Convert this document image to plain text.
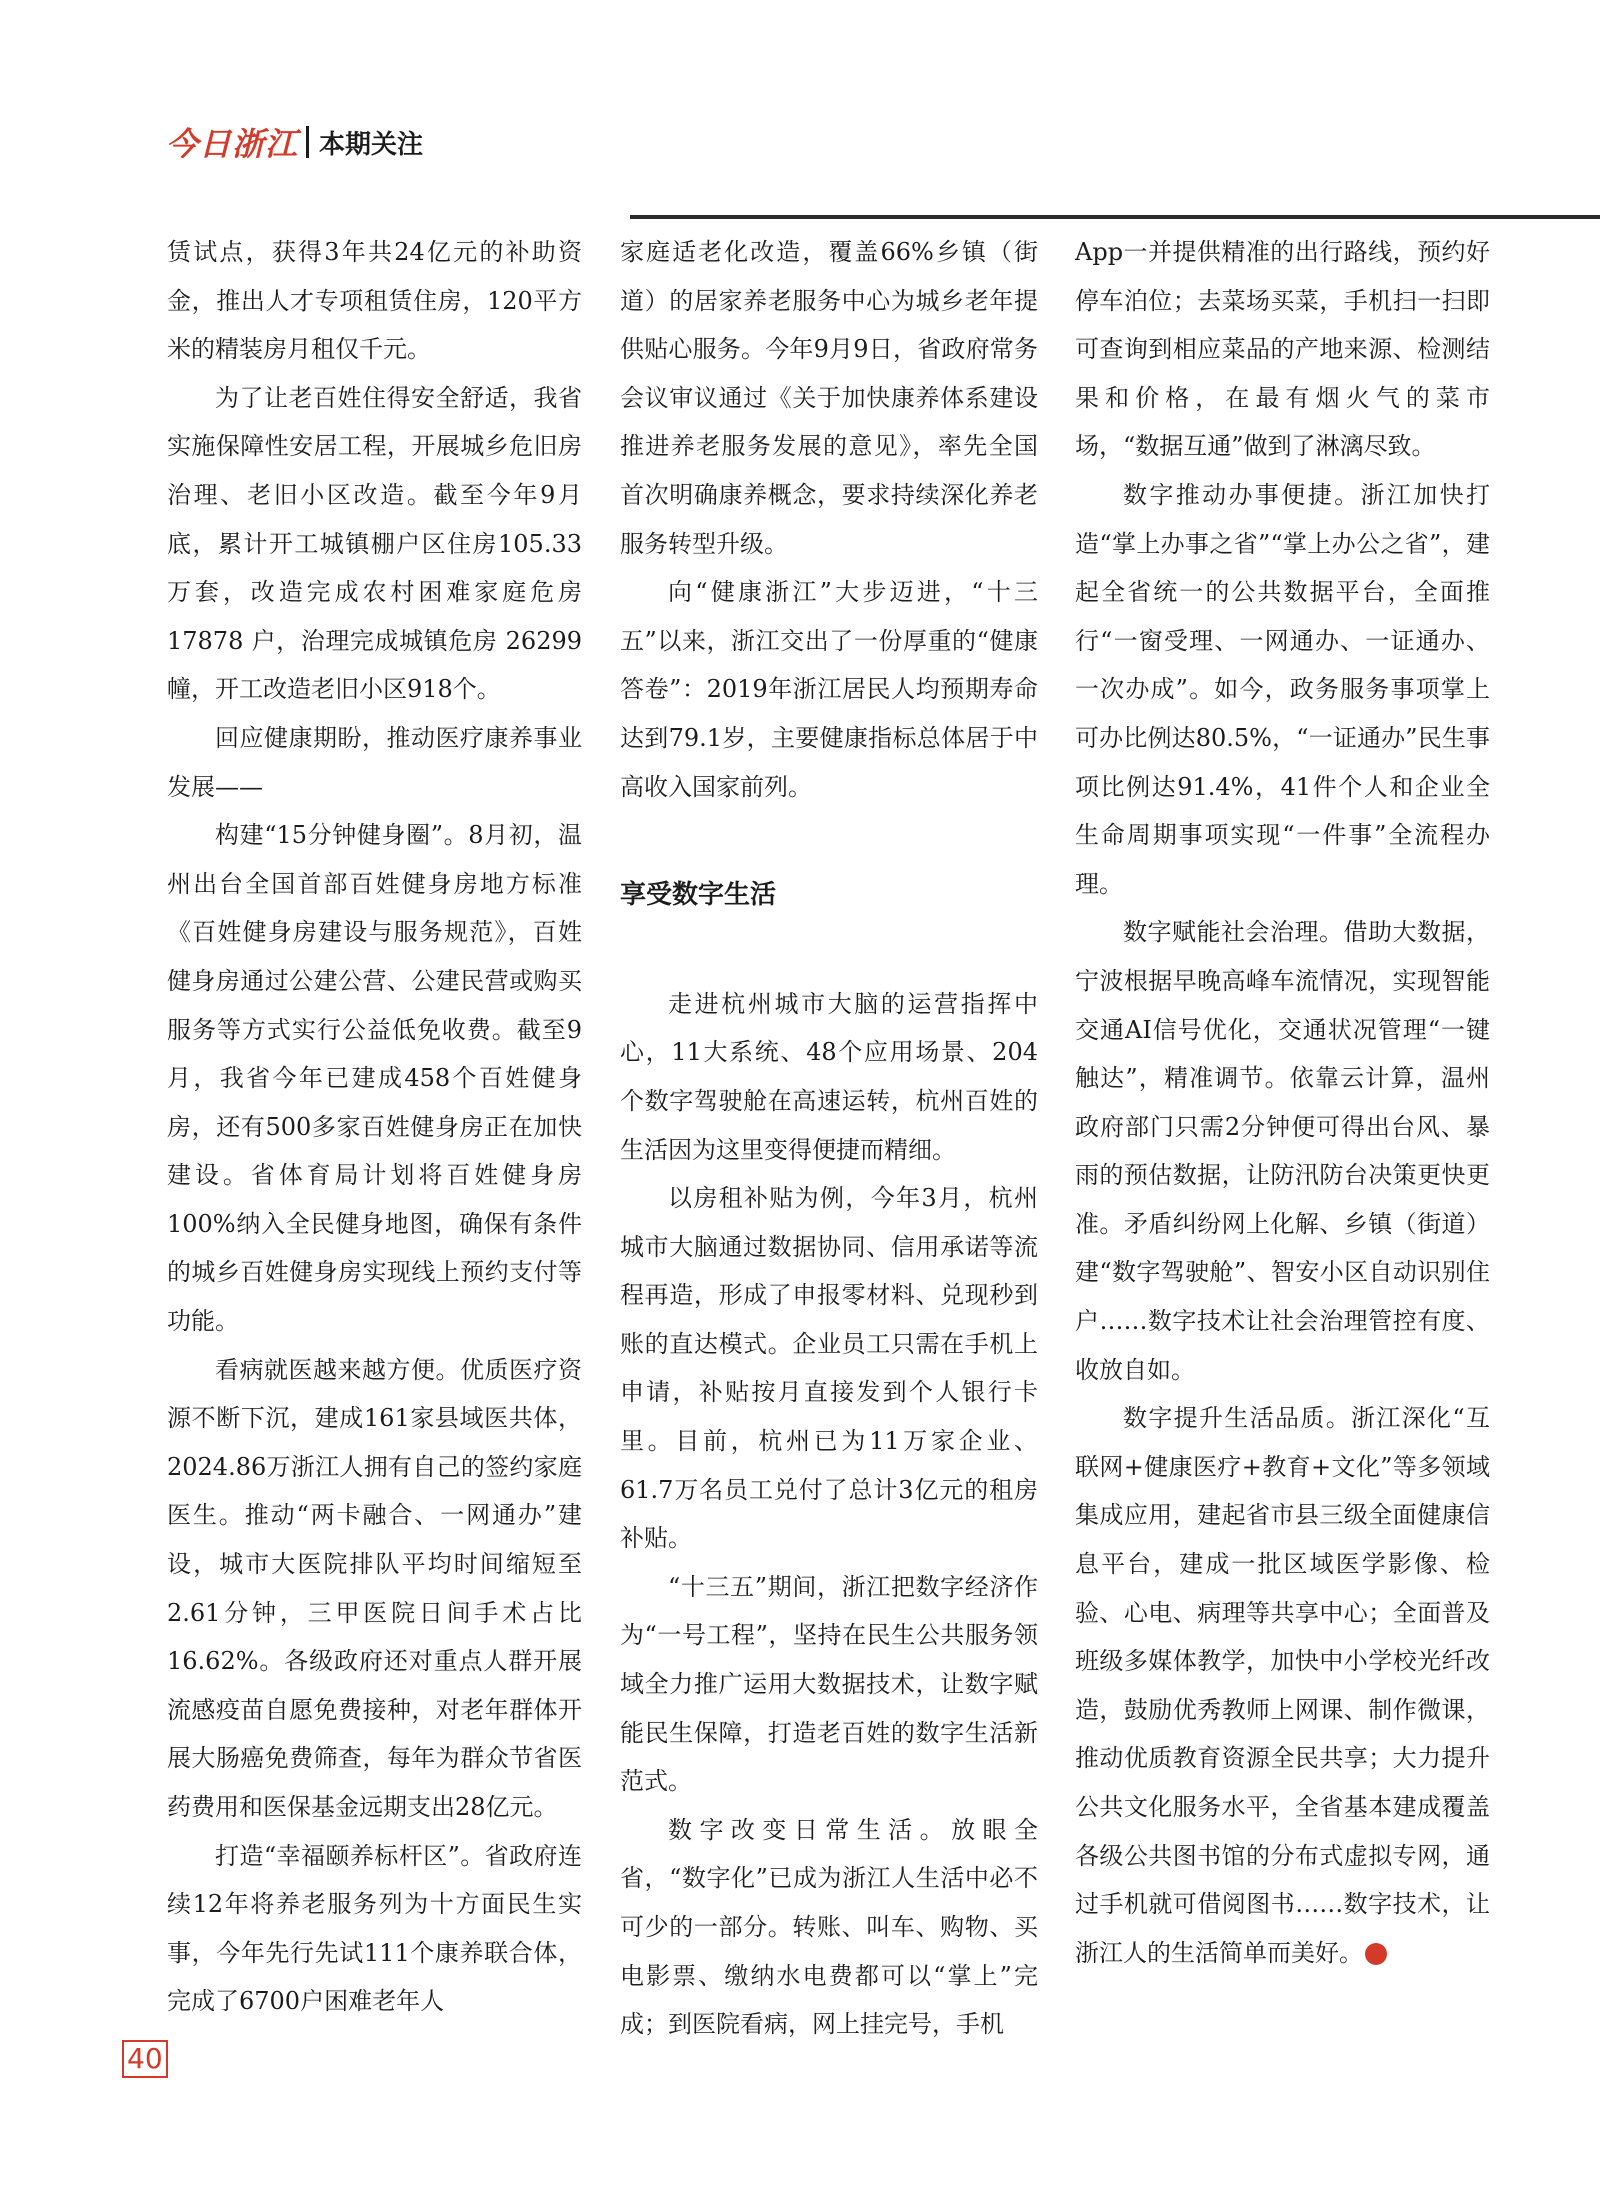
今日浙江 本期关注

赁试点，获得3年共24亿元的补助资金，推出人才专项租赁住房，120平方米的精装房月租仅千元。

为了让老百姓住得安全舒适，我省实施保障性安居工程，开展城乡危旧房治理、老旧小区改造。截至今年9月底，累计开工城镇棚户区住房105.33万套，改造完成农村困难家庭危房 17878 户，治理完成城镇危房 26299幢，开工改造老旧小区918个。

回应健康期盼，推动医疗康养事业发展——

构建“15分钟健身圈”。8月初，温州出台全国首部百姓健身房地方标准《百姓健身房建设与服务规范》，百姓健身房通过公建公营、公建民营或购买服务等方式实行公益低免收费。截至9月，我省今年已建成458个百姓健身房，还有500多家百姓健身房正在加快建设。省体育局计划将百姓健身房100%纳入全民健身地图，确保有条件的城乡百姓健身房实现线上预约支付等功能。

看病就医越来越方便。优质医疗资源不断下沉，建成161家县域医共体，2024.86万浙江人拥有自己的签约家庭医生。推动“两卡融合、一网通办”建设，城市大医院排队平均时间缩短至2.61分钟，三甲医院日间手术占比16.62%。各级政府还对重点人群开展流感疫苗自愿免费接种，对老年群体开展大肠癌免费筛查，每年为群众节省医药费用和医保基金远期支出28亿元。

打造“幸福颐养标杆区”。省政府连续12年将养老服务列为十方面民生实事，今年先行先试111个康养联合体，完成了6700户困难老年人

家庭适老化改造，覆盖66%乡镇（街道）的居家养老服务中心为城乡老年提供贴心服务。今年9月9日，省政府常务会议审议通过《关于加快康养体系建设推进养老服务发展的意见》，率先全国首次明确康养概念，要求持续深化养老服务转型升级。

向“健康浙江”大步迈进，“十三五”以来，浙江交出了一份厚重的“健康答卷”：2019年浙江居民人均预期寿命达到79.1岁，主要健康指标总体居于中高收入国家前列。

享受数字生活

走进杭州城市大脑的运营指挥中心，11大系统、48个应用场景、204个数字驾驶舱在高速运转，杭州百姓的生活因为这里变得便捷而精细。

以房租补贴为例，今年3月，杭州城市大脑通过数据协同、信用承诺等流程再造，形成了申报零材料、兑现秒到账的直达模式。企业员工只需在手机上申请，补贴按月直接发到个人银行卡里。目前，杭州已为11万家企业、61.7万名员工兑付了总计3亿元的租房补贴。

“十三五”期间，浙江把数字经济作为“一号工程”，坚持在民生公共服务领域全力推广运用大数据技术，让数字赋能民生保障，打造老百姓的数字生活新范式。

数字改变日常生活。放眼全省，“数字化”已成为浙江人生活中必不可少的一部分。转账、叫车、购物、买电影票、缴纳水电费都可以“掌上”完成；到医院看病，网上挂完号，手机

App一并提供精准的出行路线，预约好停车泊位；去菜场买菜，手机扫一扫即可查询到相应菜品的产地来源、检测结果和价格，在最有烟火气的菜市场，“数据互通”做到了淋漓尽致。

数字推动办事便捷。浙江加快打造“掌上办事之省”“掌上办公之省”，建起全省统一的公共数据平台，全面推行“一窗受理、一网通办、一证通办、一次办成”。如今，政务服务事项掌上可办比例达80.5%，“一证通办”民生事项比例达91.4%，41件个人和企业全生命周期事项实现“一件事”全流程办理。

数字赋能社会治理。借助大数据，宁波根据早晚高峰车流情况，实现智能交通AI信号优化，交通状况管理“一键触达”，精准调节。依靠云计算，温州政府部门只需2分钟便可得出台风、暴雨的预估数据，让防汛防台决策更快更准。矛盾纠纷网上化解、乡镇（街道）建“数字驾驶舱”、智安小区自动识别住户……数字技术让社会治理管控有度、收放自如。

数字提升生活品质。浙江深化“互联网+健康医疗+教育+文化”等多领域集成应用，建起省市县三级全面健康信息平台，建成一批区域医学影像、检验、心电、病理等共享中心；全面普及班级多媒体教学，加快中小学校光纤改造，鼓励优秀教师上网课、制作微课，推动优质教育资源全民共享；大力提升公共文化服务水平，全省基本建成覆盖各级公共图书馆的分布式虚拟专网，通过手机就可借阅图书……数字技术，让浙江人的生活简单而美好。	•

40
